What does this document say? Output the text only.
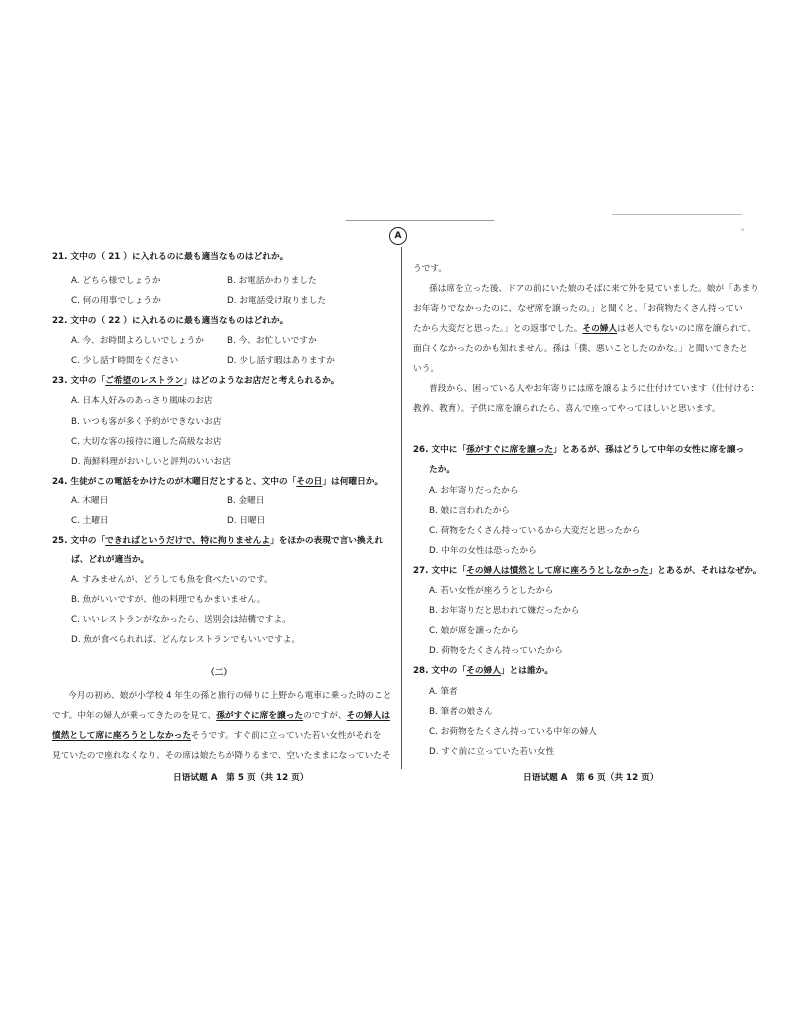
A	◦
21. 文中の（ 21 ）に入れるのに最も適当なものはどれか。
A. どちら様でしょうか	B. お電話かわりました
C. 何の用事でしょうか	D. お電話受け取りました
22. 文中の（ 22 ）に入れるのに最も適当なものはどれか。
A. 今、お時間よろしいでしょうか	B. 今、お忙しいですか
C. 少し話す時間をください	D. 少し話す暇はありますか
23. 文中の「ご希望のレストラン」はどのようなお店だと考えられるか。
A. 日本人好みのあっさり風味のお店
B. いつも客が多く予約ができないお店
C. 大切な客の接待に適した高級なお店
D. 海鮮料理がおいしいと評判のいいお店
24. 生徒がこの電話をかけたのが木曜日だとすると、文中の「その日」は何曜日か。
A. 木曜日	B. 金曜日
C. 土曜日	D. 日曜日
25. 文中の「できればというだけで、特に拘りませんよ」をほかの表現で言い換えれ
ば、どれが適当か。
A. すみませんが、どうしても魚を食べたいのです。
B. 魚がいいですが、他の料理でもかまいません。
C. いいレストランがなかったら、送別会は結構ですよ。
D. 魚が食べられれば、どんなレストランでもいいですよ。
（二）
今月の初め、娘が小学校 4 年生の孫と旅行の帰りに上野から電車に乗った時のこと
です。中年の婦人が乗ってきたのを見て、孫がすぐに席を譲ったのですが、その婦人は
憤然として席に座ろうとしなかったそうです。すぐ前に立っていた若い女性がそれを
見ていたので座れなくなり、その席は娘たちが降りるまで、空いたままになっていたそ
日语试题 A　第 5 页（共 12 页）
うです。
孫は席を立った後、ドアの前にいた娘のそばに来て外を見ていました。娘が「あまり
お年寄りでなかったのに、なぜ席を譲ったの。」と聞くと、「お荷物たくさん持ってい
たから大変だと思った。」との返事でした。その婦人は老人でもないのに席を譲られて、
面白くなかったのかも知れません。孫は「僕、悪いことしたのかな。」と聞いてきたと
いう。
普段から、困っている人やお年寄りには席を譲るように仕付けています（仕付ける：
教养、教育）。子供に席を譲られたら、喜んで座ってやってほしいと思います。
26. 文中に「孫がすぐに席を譲った」とあるが、孫はどうして中年の女性に席を譲っ
たか。
A. お年寄りだったから
B. 娘に言われたから
C. 荷物をたくさん持っているから大変だと思ったから
D. 中年の女性は恐ったから
27. 文中に「その婦人は憤然として席に座ろうとしなかった」とあるが、それはなぜか。
A. 若い女性が座ろうとしたから
B. お年寄りだと思われて嫌だったから
C. 娘が席を譲ったから
D. 荷物をたくさん持っていたから
28. 文中の「その婦人」とは誰か。
A. 筆者
B. 筆者の娘さん
C. お荷物をたくさん持っている中年の婦人
D. すぐ前に立っていた若い女性
日语试题 A　第 6 页（共 12 页）
